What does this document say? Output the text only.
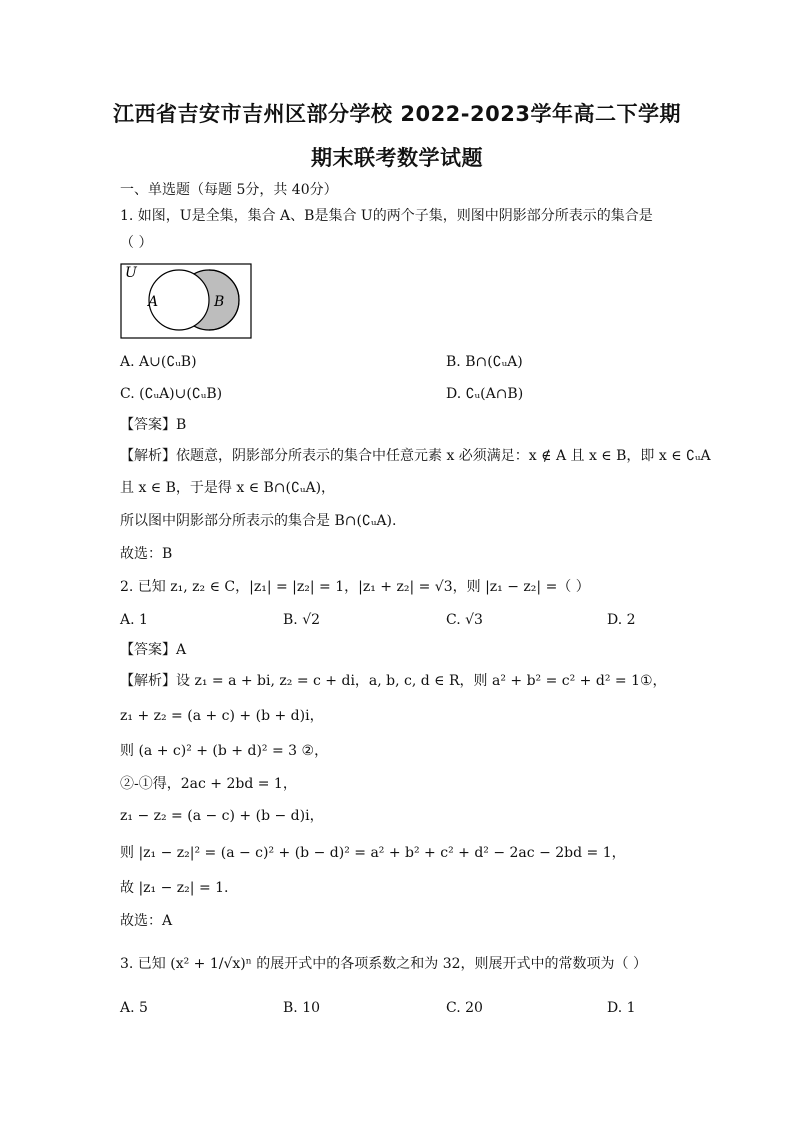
江西省吉安市吉州区部分学校 2022-2023学年高二下学期
期末联考数学试题
一、单选题（每题 5分，共 40分）
1. 如图，U是全集，集合 A、B是集合 U的两个子集，则图中阴影部分所表示的集合是
（ ）
U
A	B
A. A∪(∁ᵤB)	B. B∩(∁ᵤA)
C. (∁ᵤA)∪(∁ᵤB)	D. ∁ᵤ(A∩B)
【答案】B
【解析】依题意，阴影部分所表示的集合中任意元素 x 必须满足：x ∉ A 且 x ∈ B，即 x ∈ ∁ᵤA
且 x ∈ B，于是得 x ∈ B∩(∁ᵤA)，
所以图中阴影部分所表示的集合是 B∩(∁ᵤA).
故选：B
2. 已知 z₁, z₂ ∈ C，|z₁| = |z₂| = 1，|z₁ + z₂| = √3，则 |z₁ − z₂| =（ ）
A. 1	B. √2	C. √3	D. 2
【答案】A
【解析】设 z₁ = a + bi, z₂ = c + di，a, b, c, d ∈ R，则 a² + b² = c² + d² = 1①，
z₁ + z₂ = (a + c) + (b + d)i，
则 (a + c)² + (b + d)² = 3 ②，
②-①得，2ac + 2bd = 1，
z₁ − z₂ = (a − c) + (b − d)i，
则 |z₁ − z₂|² = (a − c)² + (b − d)² = a² + b² + c² + d² − 2ac − 2bd = 1，
故 |z₁ − z₂| = 1.
故选：A
3. 已知 (x² + 1/√x)ⁿ 的展开式中的各项系数之和为 32，则展开式中的常数项为（ ）
A. 5	B. 10	C. 20	D. 1
